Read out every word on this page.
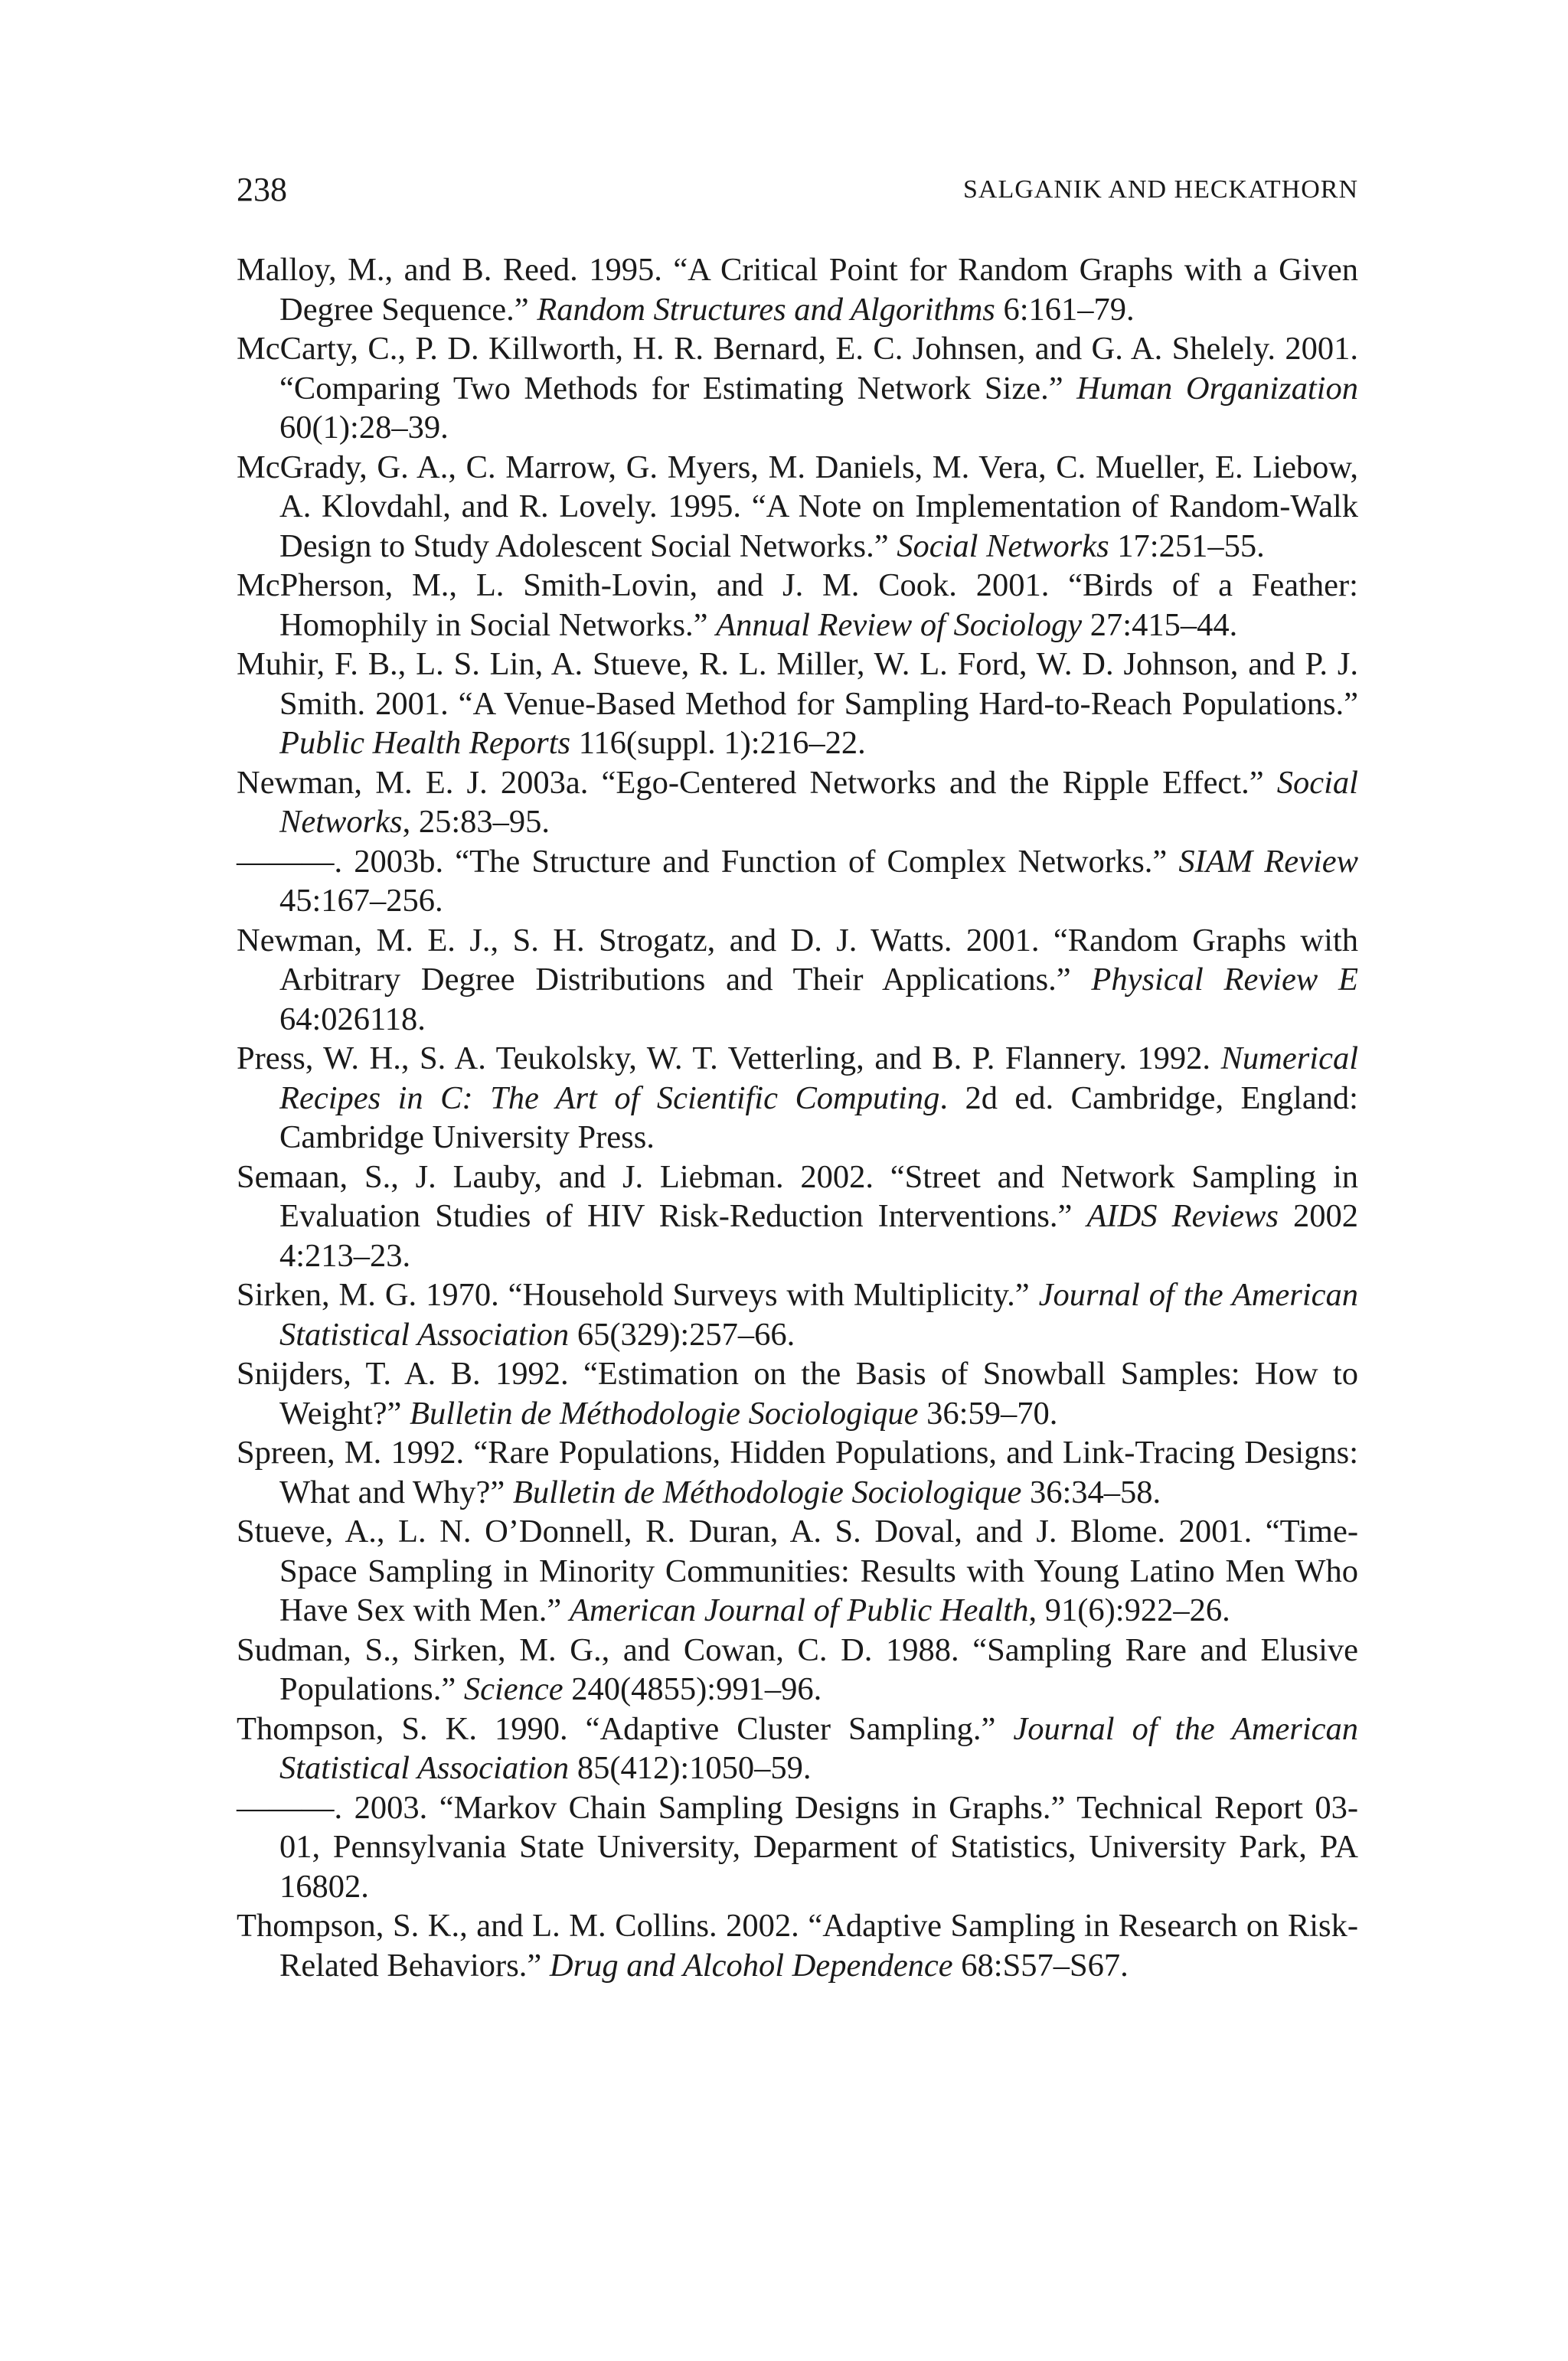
238	SALGANIK AND HECKATHORN
Malloy, M., and B. Reed. 1995. “A Critical Point for Random Graphs with a Given Degree Sequence.” Random Structures and Algorithms 6:161–79.
McCarty, C., P. D. Killworth, H. R. Bernard, E. C. Johnsen, and G. A. Shelely. 2001. “Comparing Two Methods for Estimating Network Size.” Human Organization 60(1):28–39.
McGrady, G. A., C. Marrow, G. Myers, M. Daniels, M. Vera, C. Mueller, E. Liebow, A. Klovdahl, and R. Lovely. 1995. “A Note on Implementation of Random-Walk Design to Study Adolescent Social Networks.” Social Networks 17:251–55.
McPherson, M., L. Smith-Lovin, and J. M. Cook. 2001. “Birds of a Feather: Homophily in Social Networks.” Annual Review of Sociology 27:415–44.
Muhir, F. B., L. S. Lin, A. Stueve, R. L. Miller, W. L. Ford, W. D. Johnson, and P. J. Smith. 2001. “A Venue-Based Method for Sampling Hard-to-Reach Populations.” Public Health Reports 116(suppl. 1):216–22.
Newman, M. E. J. 2003a. “Ego-Centered Networks and the Ripple Effect.” Social Networks, 25:83–95.
———. 2003b. “The Structure and Function of Complex Networks.” SIAM Review 45:167–256.
Newman, M. E. J., S. H. Strogatz, and D. J. Watts. 2001. “Random Graphs with Arbitrary Degree Distributions and Their Applications.” Physical Review E 64:026118.
Press, W. H., S. A. Teukolsky, W. T. Vetterling, and B. P. Flannery. 1992. Numerical Recipes in C: The Art of Scientific Computing. 2d ed. Cambridge, England: Cambridge University Press.
Semaan, S., J. Lauby, and J. Liebman. 2002. “Street and Network Sampling in Evaluation Studies of HIV Risk-Reduction Interventions.” AIDS Reviews 2002 4:213–23.
Sirken, M. G. 1970. “Household Surveys with Multiplicity.” Journal of the American Statistical Association 65(329):257–66.
Snijders, T. A. B. 1992. “Estimation on the Basis of Snowball Samples: How to Weight?” Bulletin de Méthodologie Sociologique 36:59–70.
Spreen, M. 1992. “Rare Populations, Hidden Populations, and Link-Tracing Designs: What and Why?” Bulletin de Méthodologie Sociologique 36:34–58.
Stueve, A., L. N. O’Donnell, R. Duran, A. S. Doval, and J. Blome. 2001. “Time-Space Sampling in Minority Communities: Results with Young Latino Men Who Have Sex with Men.” American Journal of Public Health, 91(6):922–26.
Sudman, S., Sirken, M. G., and Cowan, C. D. 1988. “Sampling Rare and Elusive Populations.” Science 240(4855):991–96.
Thompson, S. K. 1990. “Adaptive Cluster Sampling.” Journal of the American Statistical Association 85(412):1050–59.
———. 2003. “Markov Chain Sampling Designs in Graphs.” Technical Report 03-01, Pennsylvania State University, Deparment of Statistics, University Park, PA 16802.
Thompson, S. K., and L. M. Collins. 2002. “Adaptive Sampling in Research on Risk-Related Behaviors.” Drug and Alcohol Dependence 68:S57–S67.
